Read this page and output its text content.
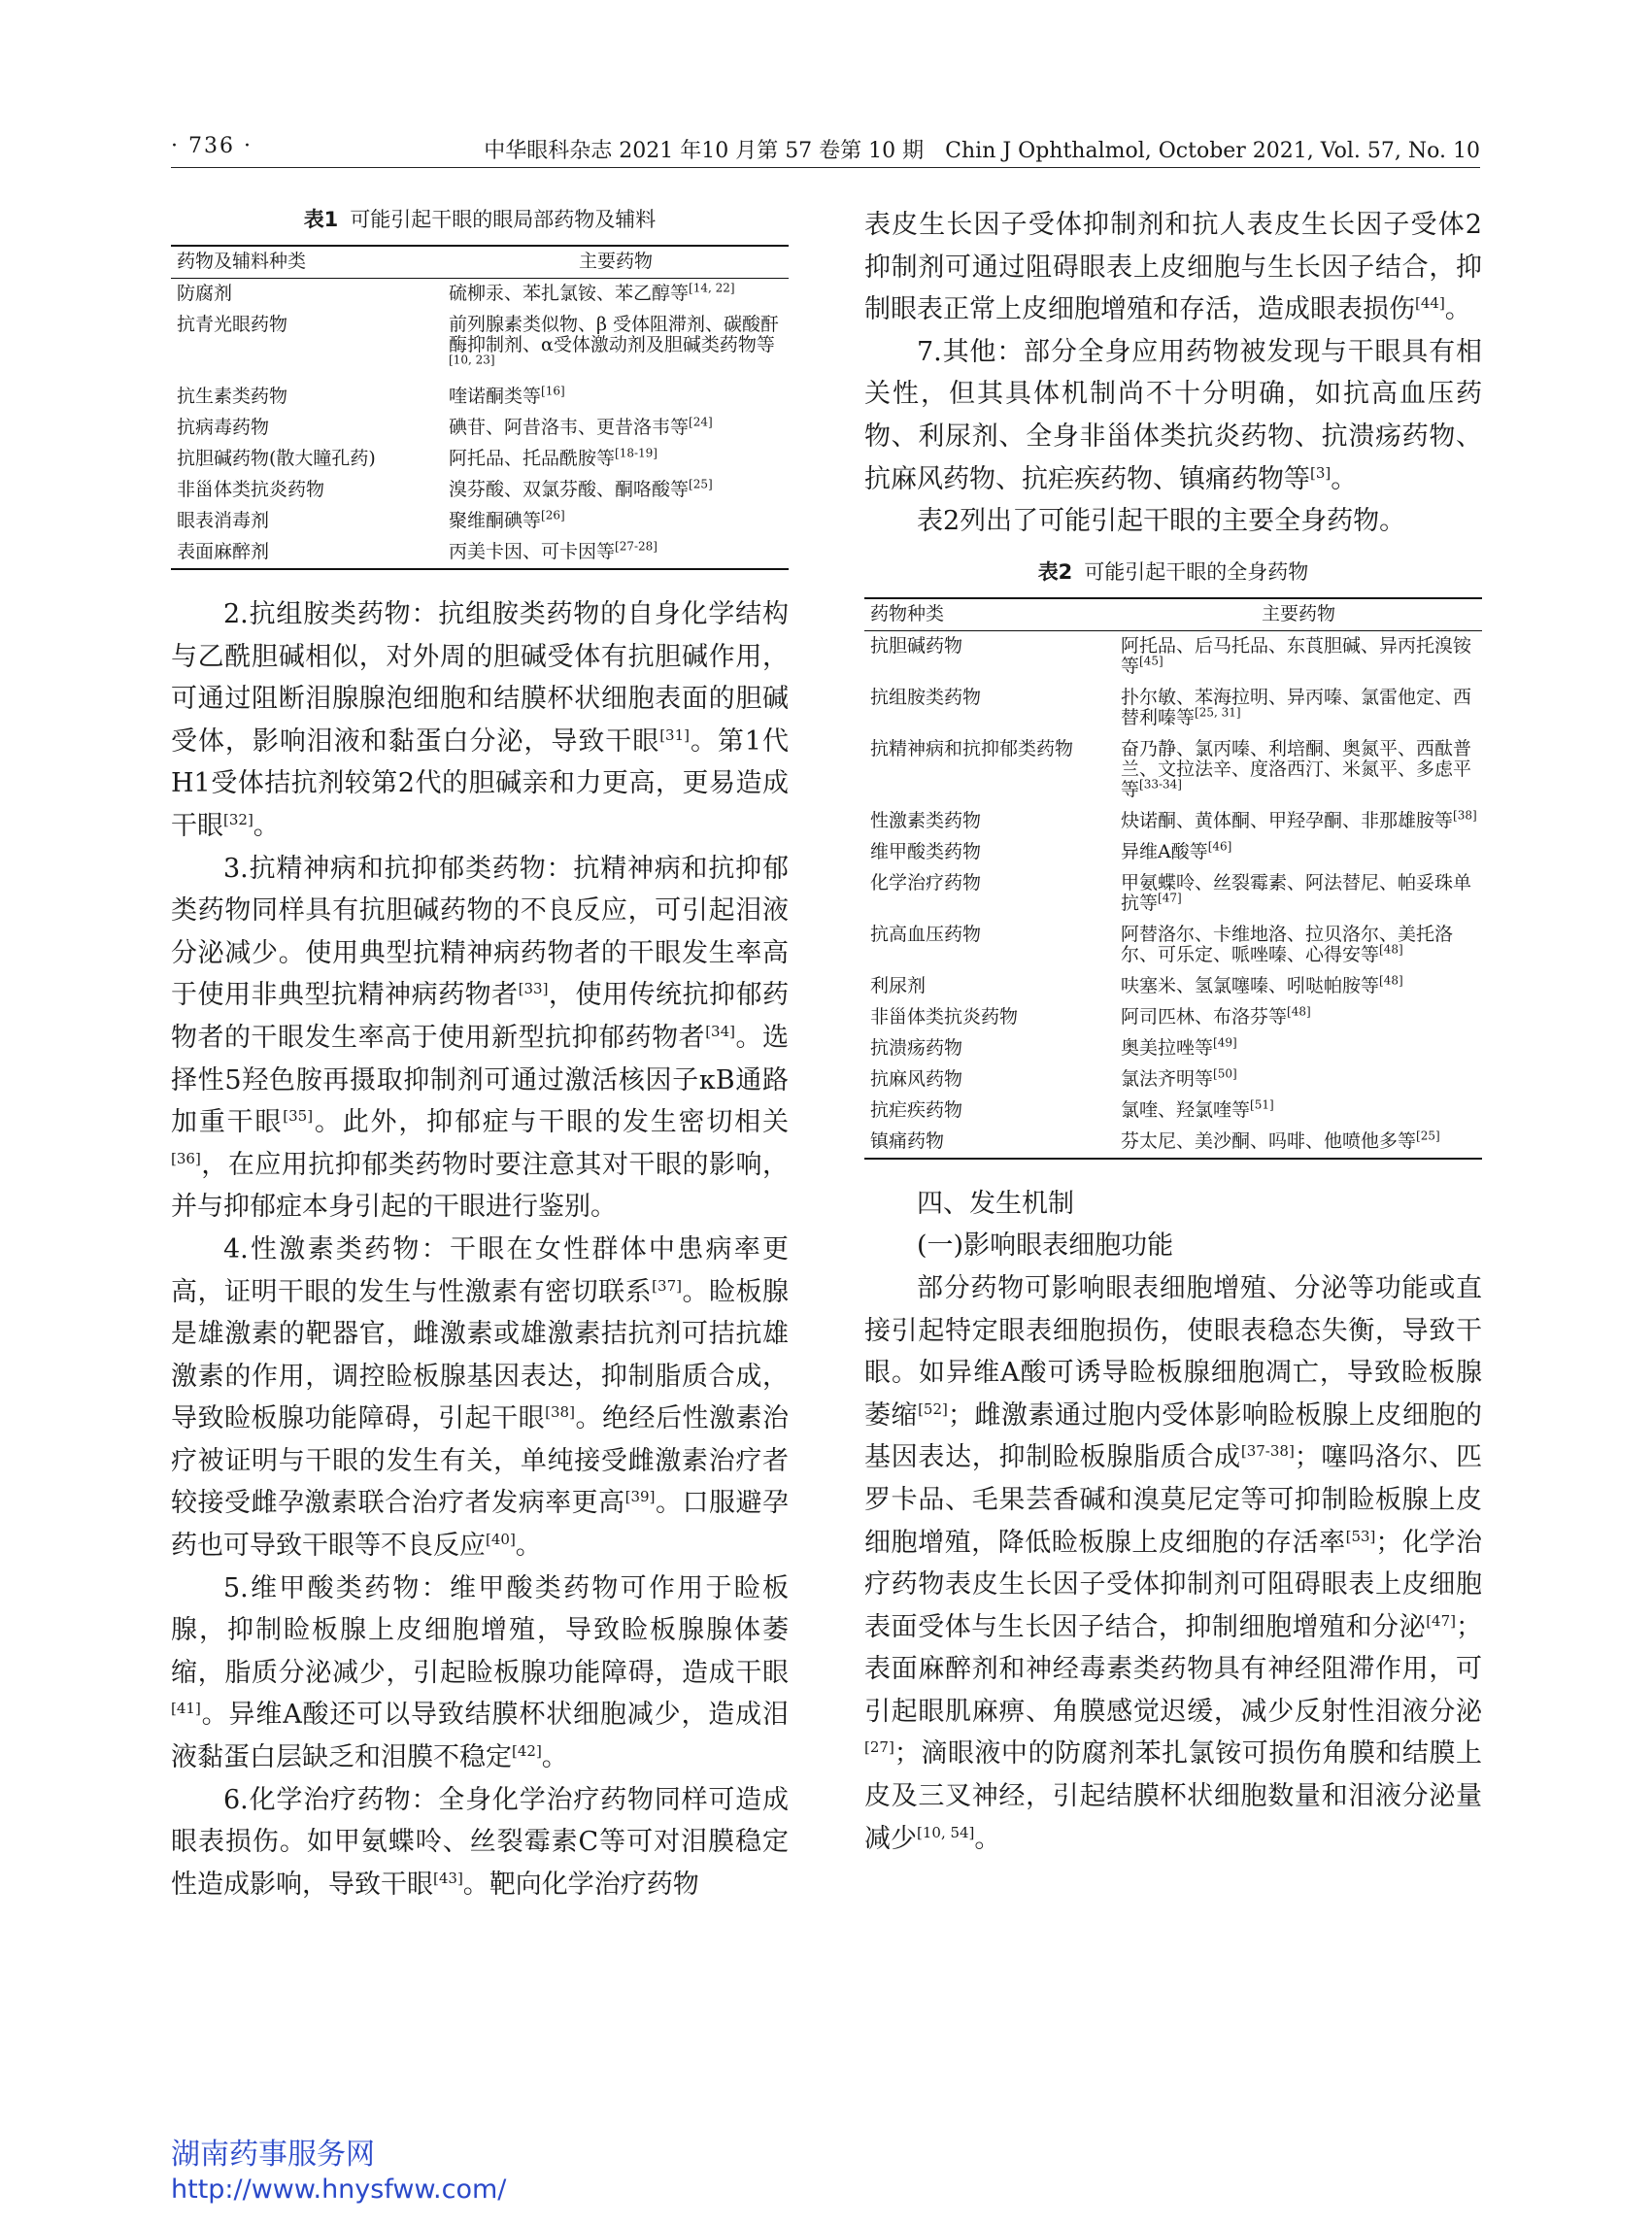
· 736 ·	中华眼科杂志 2021 年10 月第 57 卷第 10 期　Chin J Ophthalmol, October 2021, Vol. 57, No. 10
表1 可能引起干眼的眼局部药物及辅料
药物及辅料种类	主要药物
防腐剂	硫柳汞、苯扎氯铵、苯乙醇等[14, 22]
抗青光眼药物	前列腺素类似物、β 受体阻滞剂、碳酸酐酶抑制剂、α受体激动剂及胆碱类药物等[10, 23]
抗生素类药物	喹诺酮类等[16]
抗病毒药物	碘苷、阿昔洛韦、更昔洛韦等[24]
抗胆碱药物(散大瞳孔药)	阿托品、托品酰胺等[18-19]
非甾体类抗炎药物	溴芬酸、双氯芬酸、酮咯酸等[25]
眼表消毒剂	聚维酮碘等[26]
表面麻醉剂	丙美卡因、可卡因等[27-28]

2.抗组胺类药物：抗组胺类药物的自身化学结构与乙酰胆碱相似，对外周的胆碱受体有抗胆碱作用，可通过阻断泪腺腺泡细胞和结膜杯状细胞表面的胆碱受体，影响泪液和黏蛋白分泌，导致干眼[31]。第1代H1受体拮抗剂较第2代的胆碱亲和力更高，更易造成干眼[32]。

3.抗精神病和抗抑郁类药物：抗精神病和抗抑郁类药物同样具有抗胆碱药物的不良反应，可引起泪液分泌减少。使用典型抗精神病药物者的干眼发生率高于使用非典型抗精神病药物者[33]，使用传统抗抑郁药物者的干眼发生率高于使用新型抗抑郁药物者[34]。选择性5羟色胺再摄取抑制剂可通过激活核因子κB通路加重干眼[35]。此外，抑郁症与干眼的发生密切相关[36]，在应用抗抑郁类药物时要注意其对干眼的影响，并与抑郁症本身引起的干眼进行鉴别。

4.性激素类药物：干眼在女性群体中患病率更高，证明干眼的发生与性激素有密切联系[37]。睑板腺是雄激素的靶器官，雌激素或雄激素拮抗剂可拮抗雄激素的作用，调控睑板腺基因表达，抑制脂质合成，导致睑板腺功能障碍，引起干眼[38]。绝经后性激素治疗被证明与干眼的发生有关，单纯接受雌激素治疗者较接受雌孕激素联合治疗者发病率更高[39]。口服避孕药也可导致干眼等不良反应[40]。

5.维甲酸类药物：维甲酸类药物可作用于睑板腺，抑制睑板腺上皮细胞增殖，导致睑板腺腺体萎缩，脂质分泌减少，引起睑板腺功能障碍，造成干眼[41]。异维A酸还可以导致结膜杯状细胞减少，造成泪液黏蛋白层缺乏和泪膜不稳定[42]。

6.化学治疗药物：全身化学治疗药物同样可造成眼表损伤。如甲氨蝶呤、丝裂霉素C等可对泪膜稳定性造成影响，导致干眼[43]。靶向化学治疗药物

表皮生长因子受体抑制剂和抗人表皮生长因子受体2抑制剂可通过阻碍眼表上皮细胞与生长因子结合，抑制眼表正常上皮细胞增殖和存活，造成眼表损伤[44]。

7.其他：部分全身应用药物被发现与干眼具有相关性，但其具体机制尚不十分明确，如抗高血压药物、利尿剂、全身非甾体类抗炎药物、抗溃疡药物、抗麻风药物、抗疟疾药物、镇痛药物等[3]。

表2列出了可能引起干眼的主要全身药物。

表2 可能引起干眼的全身药物
药物种类	主要药物
抗胆碱药物	阿托品、后马托品、东莨胆碱、异丙托溴铵等[45]
抗组胺类药物	扑尔敏、苯海拉明、异丙嗪、氯雷他定、西替利嗪等[25, 31]
抗精神病和抗抑郁类药物	奋乃静、氯丙嗪、利培酮、奥氮平、西酞普兰、文拉法辛、度洛西汀、米氮平、多虑平等[33-34]
性激素类药物	炔诺酮、黄体酮、甲羟孕酮、非那雄胺等[38]
维甲酸类药物	异维A酸等[46]
化学治疗药物	甲氨蝶呤、丝裂霉素、阿法替尼、帕妥珠单抗等[47]
抗高血压药物	阿替洛尔、卡维地洛、拉贝洛尔、美托洛尔、可乐定、哌唑嗪、心得安等[48]
利尿剂	呋塞米、氢氯噻嗪、吲哒帕胺等[48]
非甾体类抗炎药物	阿司匹林、布洛芬等[48]
抗溃疡药物	奥美拉唑等[49]
抗麻风药物	氯法齐明等[50]
抗疟疾药物	氯喹、羟氯喹等[51]
镇痛药物	芬太尼、美沙酮、吗啡、他喷他多等[25]

四、发生机制

(一)影响眼表细胞功能

部分药物可影响眼表细胞增殖、分泌等功能或直接引起特定眼表细胞损伤，使眼表稳态失衡，导致干眼。如异维A酸可诱导睑板腺细胞凋亡，导致睑板腺萎缩[52]；雌激素通过胞内受体影响睑板腺上皮细胞的基因表达，抑制睑板腺脂质合成[37-38]；噻吗洛尔、匹罗卡品、毛果芸香碱和溴莫尼定等可抑制睑板腺上皮细胞增殖，降低睑板腺上皮细胞的存活率[53]；化学治疗药物表皮生长因子受体抑制剂可阻碍眼表上皮细胞表面受体与生长因子结合，抑制细胞增殖和分泌[47]；表面麻醉剂和神经毒素类药物具有神经阻滞作用，可引起眼肌麻痹、角膜感觉迟缓，减少反射性泪液分泌[27]；滴眼液中的防腐剂苯扎氯铵可损伤角膜和结膜上皮及三叉神经，引起结膜杯状细胞数量和泪液分泌量减少[10, 54]。

湖南药事服务网
http://www.hnysfww.com/
